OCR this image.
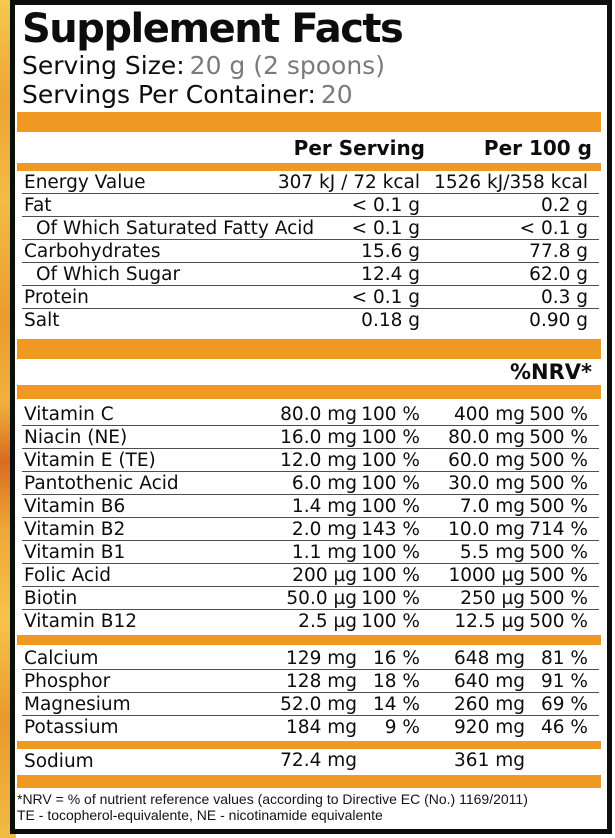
Supplement Facts
Serving Size: 20 g (2 spoons)
Servings Per Container: 20
Per Serving	Per 100 g
Energy Value	307 kJ / 72 kcal 1526 kJ/358 kcal
Fat	< 0.1 g	0.2 g
Of Which Saturated Fatty Acid < 0.1 g	< 0.1 g
Carbohydrates	15.6 g	77.8 g
Of Which Sugar	12.4 g	62.0 g
Protein	< 0.1 g	0.3 g
Salt	0.18 g	0.90 g
%NRV*
Vitamin C	80.0 mg 100 % 400 mg 500 %
Niacin (NE)	16.0 mg 100 % 80.0 mg 500 %
Vitamin E (TE)	12.0 mg 100 % 60.0 mg 500 %
Pantothenic Acid	6.0 mg 100 % 30.0 mg 500 %
Vitamin B6	1.4 mg 100 % 7.0 mg 500 %
Vitamin B2	2.0 mg 143 % 10.0 mg 714 %
Vitamin B1	1.1 mg 100 % 5.5 mg 500 %
Folic Acid	200 µg 100 % 1000 µg 500 %
Biotin	50.0 µg 100 % 250 µg 500 %
Vitamin B12	2.5 µg 100 % 12.5 µg 500 %
Calcium	129 mg 16 % 648 mg 81 %
Phosphor	128 mg 18 % 640 mg 91 %
Magnesium	52.0 mg 14 % 260 mg 69 %
Potassium	184 mg 9 % 920 mg 46 %
Sodium	72.4 mg	361 mg
*NRV = % of nutrient reference values (according to Directive EC (No.) 1169/2011)
TE - tocopherol-equivalente, NE - nicotinamide equivalente
